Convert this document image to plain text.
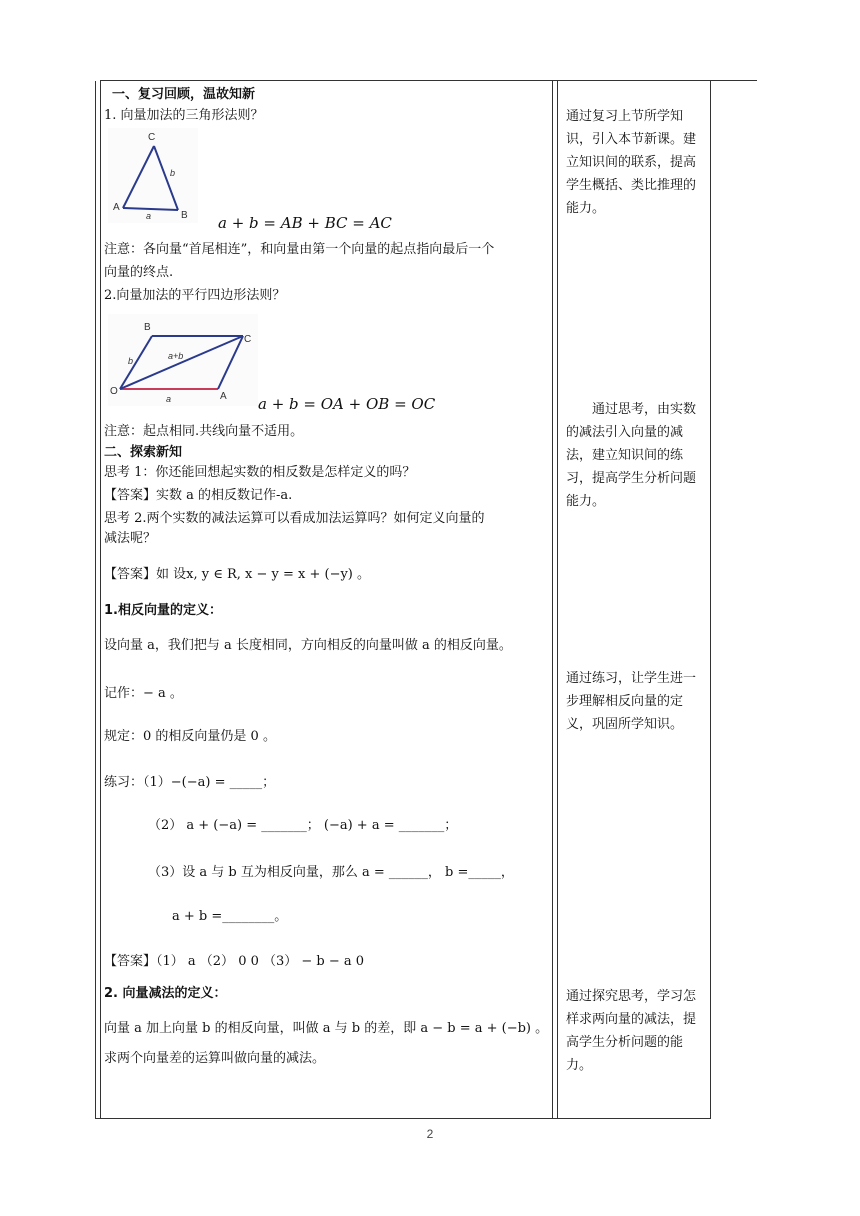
一、复习回顾，温故知新
1. 向量加法的三角形法则？
A
B
C
a
b
a + b = AB + BC = AC
注意：各向量“首尾相连”，和向量由第一个向量的起点指向最后一个
向量的终点.
2.向量加法的平行四边形法则？
O	A
B
C
a
b	a+b
a + b = OA + OB = OC
注意：起点相同.共线向量不适用。
二、探索新知
思考 1：你还能回想起实数的相反数是怎样定义的吗？
【答案】实数 a 的相反数记作-a.
思考 2.两个实数的减法运算可以看成加法运算吗？如何定义向量的
减法呢？
【答案】如 设x, y ∈ R, x − y = x + (−y) 。
1.相反向量的定义：
设向量 a，我们把与 a 长度相同，方向相反的向量叫做 a 的相反向量。
记作：− a 。
规定：0 的相反向量仍是 0 。
练习：（1）−(−a) = _____；
（2） a + (−a) = _______； (−a) + a = _______；
（3）设 a 与 b 互为相反向量，那么 a = ______， b =_____，
a + b =________。
【答案】（1） a （2） 0 0 （3） − b − a 0
2. 向量减法的定义：
向量 a 加上向量 b 的相反向量，叫做 a 与 b 的差，即 a − b = a + (−b) 。
求两个向量差的运算叫做向量的减法。
通过复习上节所学知识，引入本节新课。建立知识间的联系，提高学生概括、类比推理的能力。
　　通过思考，由实数的减法引入向量的减法，建立知识间的练习，提高学生分析问题能力。
通过练习，让学生进一步理解相反向量的定义，巩固所学知识。
通过探究思考，学习怎样求两向量的减法，提高学生分析问题的能力。
2
